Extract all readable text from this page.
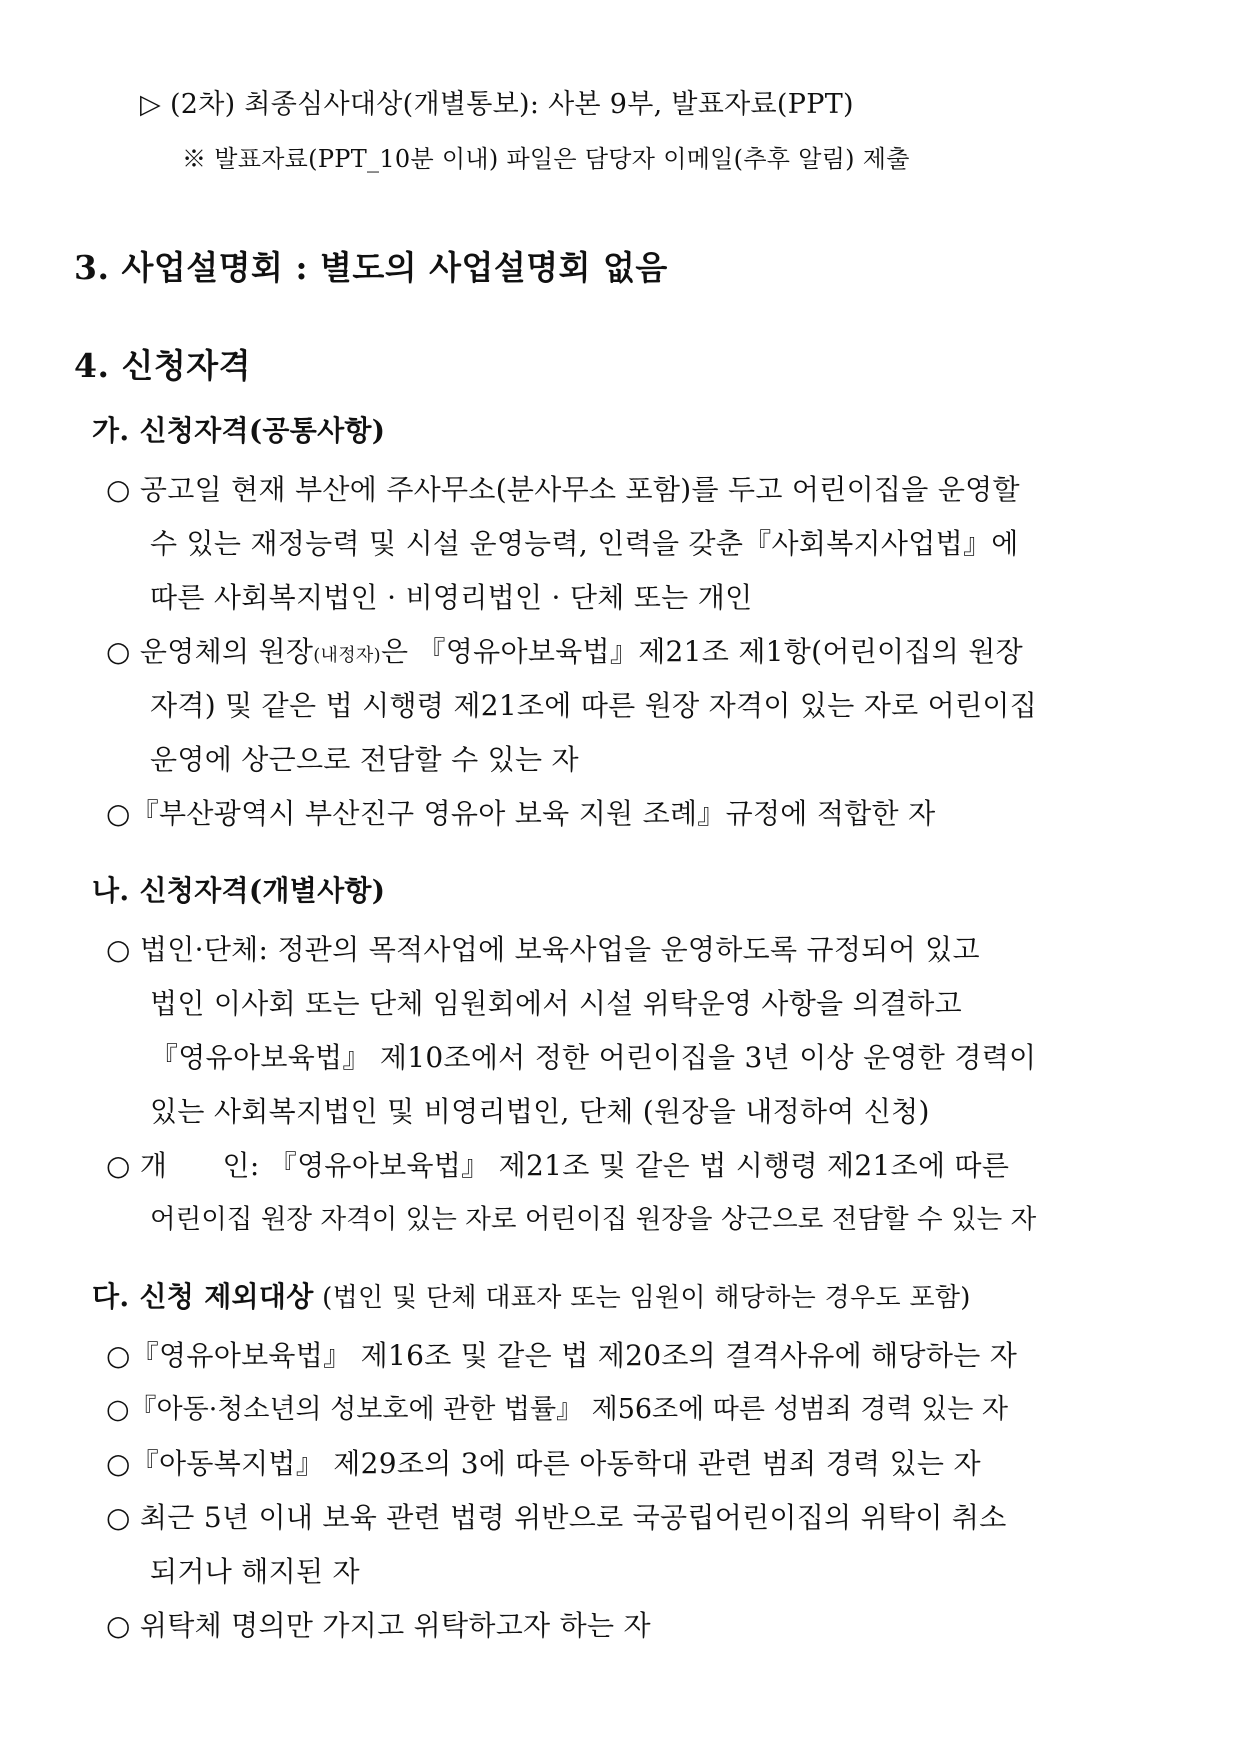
▷ (2차) 최종심사대상(개별통보): 사본 9부, 발표자료(PPT)
※ 발표자료(PPT_10분 이내) 파일은 담당자 이메일(추후 알림) 제출
3. 사업설명회 : 별도의 사업설명회 없음
4. 신청자격
가. 신청자격(공통사항)
○ 공고일 현재 부산에 주사무소(분사무소 포함)를 두고 어린이집을 운영할
수 있는 재정능력 및 시설 운영능력, 인력을 갖춘『사회복지사업법』에
따른 사회복지법인 · 비영리법인 · 단체 또는 개인
○ 운영체의 원장(내정자)은 『영유아보육법』제21조 제1항(어린이집의 원장
자격) 및 같은 법 시행령 제21조에 따른 원장 자격이 있는 자로 어린이집
운영에 상근으로 전담할 수 있는 자
○『부산광역시 부산진구 영유아 보육 지원 조례』규정에 적합한 자
나. 신청자격(개별사항)
○ 법인·단체: 정관의 목적사업에 보육사업을 운영하도록 규정되어 있고
법인 이사회 또는 단체 임원회에서 시설 위탁운영 사항을 의결하고
『영유아보육법』 제10조에서 정한 어린이집을 3년 이상 운영한 경력이
있는 사회복지법인 및 비영리법인, 단체 (원장을 내정하여 신청)
○ 개      인: 『영유아보육법』 제21조 및 같은 법 시행령 제21조에 따른
어린이집 원장 자격이 있는 자로 어린이집 원장을 상근으로 전담할 수 있는 자
다. 신청 제외대상 (법인 및 단체 대표자 또는 임원이 해당하는 경우도 포함)
○『영유아보육법』 제16조 및 같은 법 제20조의 결격사유에 해당하는 자
○『아동·청소년의 성보호에 관한 법률』 제56조에 따른 성범죄 경력 있는 자
○『아동복지법』 제29조의 3에 따른 아동학대 관련 범죄 경력 있는 자
○ 최근 5년 이내 보육 관련 법령 위반으로 국공립어린이집의 위탁이 취소
되거나 해지된 자
○ 위탁체 명의만 가지고 위탁하고자 하는 자
